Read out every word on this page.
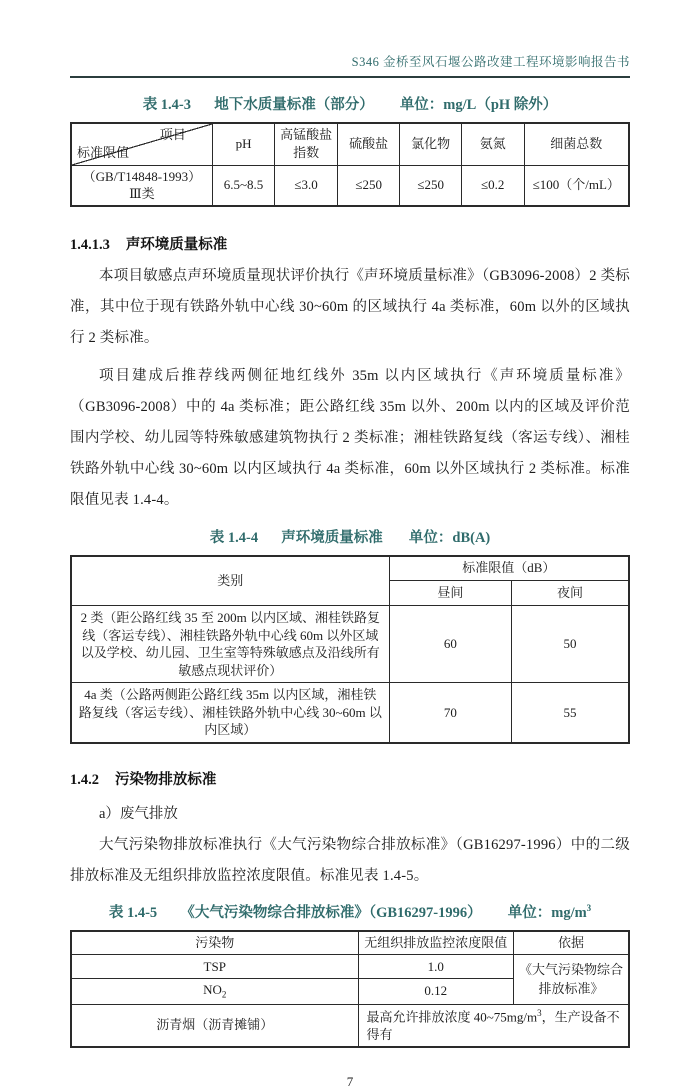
S346 金桥至风石堰公路改建工程环境影响报告书
表 1.4-3 地下水质量标准（部分） 单位：mg/L（pH 除外）
项目
标准限值	pH	高锰酸盐指数	硫酸盐	氯化物	氨氮	细菌总数

（GB/T14848-1993）
Ⅲ类	6.5~8.5	≤3.0	≤250	≤250	≤0.2	≤100（个/mL）
1.4.1.3 声环境质量标准

本项目敏感点声环境质量现状评价执行《声环境质量标准》（GB3096-2008）2 类标准，其中位于现有铁路外轨中心线 30~60m 的区域执行 4a 类标准，60m 以外的区域执行 2 类标准。

项目建成后推荐线两侧征地红线外 35m 以内区域执行《声环境质量标准》（GB3096-2008）中的 4a 类标准；距公路红线 35m 以外、200m 以内的区域及评价范围内学校、幼儿园等特殊敏感建筑物执行 2 类标准；湘桂铁路复线（客运专线）、湘桂铁路外轨中心线 30~60m 以内区域执行 4a 类标准，60m 以外区域执行 2 类标准。标准限值见表 1.4-4。

表 1.4-4 声环境质量标准 单位：dB(A)
类别	标准限值（dB）	
	昼间	夜间
2 类（距公路红线 35 至 200m 以内区域、湘桂铁路复线（客运专线）、湘桂铁路外轨中心线 60m 以外区域以及学校、幼儿园、卫生室等特殊敏感点及沿线所有敏感点现状评价）	60	50
4a 类（公路两侧距公路红线 35m 以内区域，湘桂铁路复线（客运专线）、湘桂铁路外轨中心线 30~60m 以内区域）	70	55
1.4.2 污染物排放标准
a）废气排放

大气污染物排放标准执行《大气污染物综合排放标准》（GB16297-1996）中的二级排放标准及无组织排放监控浓度限值。标准见表 1.4-5。

表 1.4-5 《大气污染物综合排放标准》（GB16297-1996） 单位：$mg/m^3$
污染物	无组织排放监控浓度限值	依据
TSP	1.0	《大气污染物综合排放标准》
$NO_2$	0.12	
沥青烟（沥青摊铺）	最高允许排放浓度 $40\sim 75mg/m^3$，生产设备不得有	
7
